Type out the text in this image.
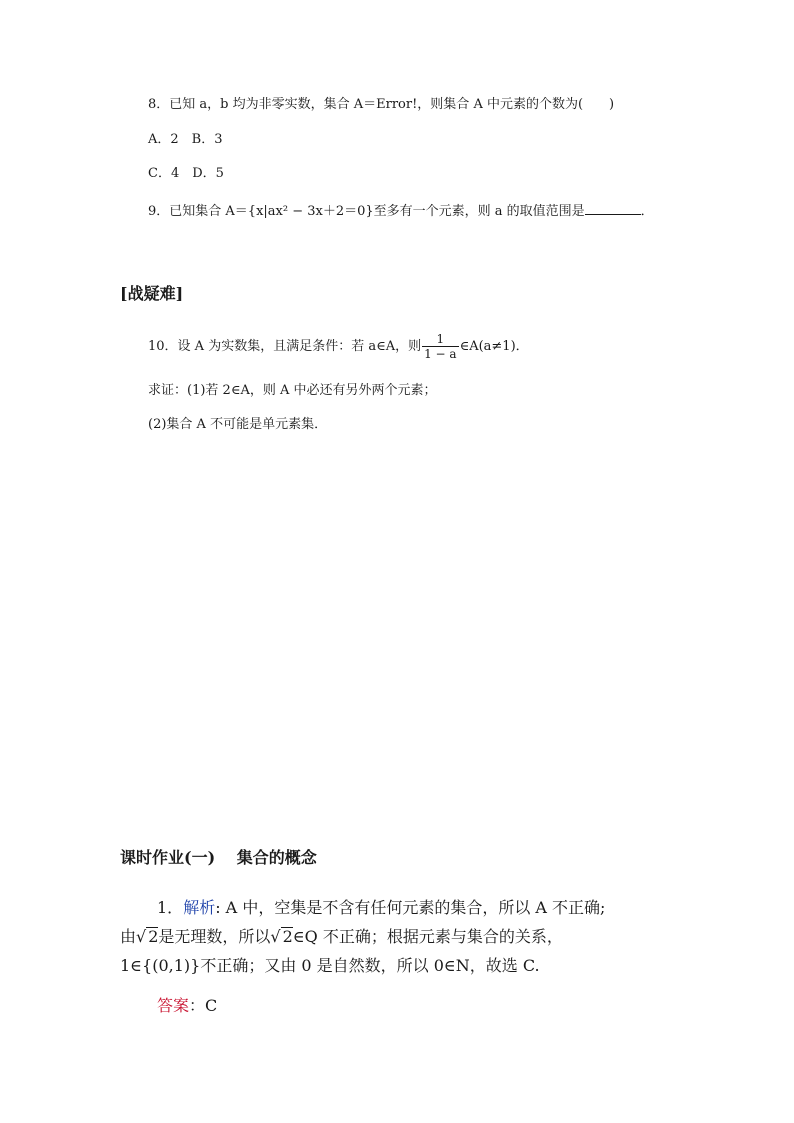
8．已知 a，b 均为非零实数，集合 A＝Error!，则集合 A 中元素的个数为(　　)
A．2　B．3
C．4　D．5
9．已知集合 A＝{x|ax² − 3x＋2＝0}至多有一个元素，则 a 的取值范围是	．
[战疑难]
10．设 A 为实数集，且满足条件：若 a∈A，则 $\frac{1}{1 - a}$ ∈A(a≠1)．
求证：(1)若 2∈A，则 A 中必还有另外两个元素；
(2)集合 A 不可能是单元素集．
课时作业(一)　 集合的概念
1．解析: A 中，空集是不含有任何元素的集合，所以 A 不正确;
由√ 2是无理数，所以√ 2∈Q 不正确；根据元素与集合的关系，
1∈{(0,1)}不正确；又由 0 是自然数，所以 0∈N，故选 C.
答案：C
